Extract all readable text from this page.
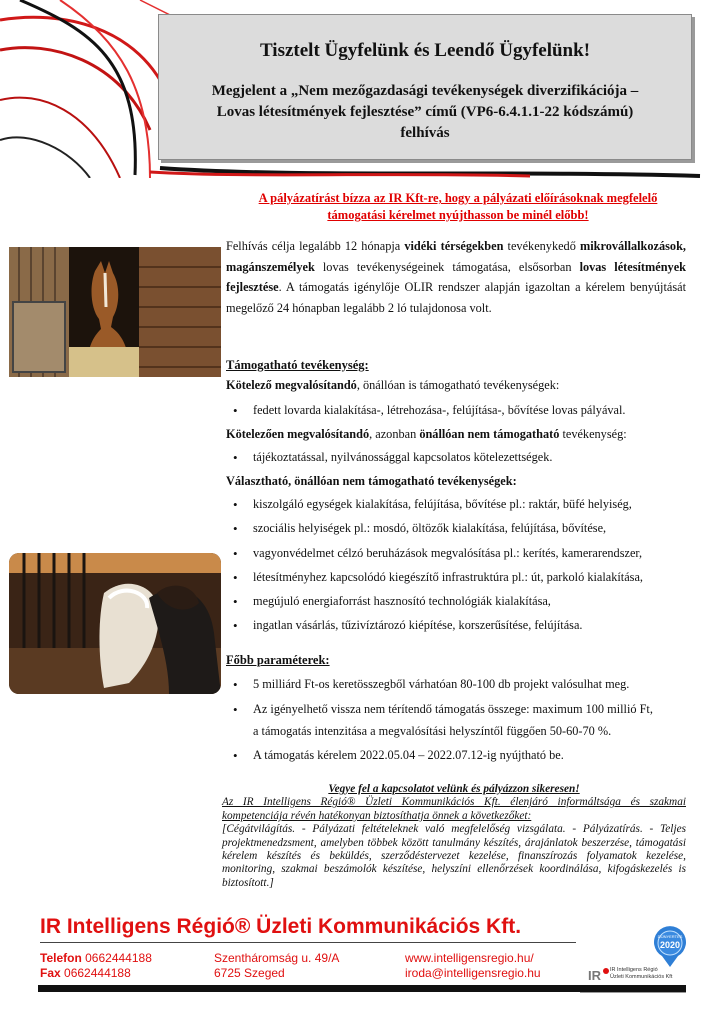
Tisztelt Ügyfelünk és Leendő Ügyfelünk!
Megjelent a „Nem mezőgazdasági tevékenységek diverzifikációja –
Lovas létesítmények fejlesztése” című (VP6-6.4.1.1-22 kódszámú)
felhívás
A pályázatírást bízza az IR Kft-re, hogy a pályázati előírásoknak megfelelő
támogatási kérelmet nyújthasson be minél előbb!
Felhívás célja legalább 12 hónapja vidéki térségekben tevékenykedő mikrovállalkozások, magánszemélyek lovas tevékenységeinek támogatása, elsősorban lovas létesítmények fejlesztése. A támogatás igénylője OLIR rendszer alapján igazoltan a kérelem benyújtását megelőző 24 hónapban legalább 2 ló tulajdonosa volt.
Támogatható tevékenység:
Kötelező megvalósítandó, önállóan is támogatható tevékenységek:
• fedett lovarda kialakítása-, létrehozása-, felújítása-, bővítése lovas pályával.
Kötelezően megvalósítandó, azonban önállóan nem támogatható tevékenység:
• tájékoztatással, nyilvánossággal kapcsolatos kötelezettségek.
Választható, önállóan nem támogatható tevékenységek:
• kiszolgáló egységek kialakítása, felújítása, bővítése pl.: raktár, büfé helyiség,
• szociális helyiségek pl.: mosdó, öltözők kialakítása, felújítása, bővítése,
• vagyonvédelmet célzó beruházások megvalósítása pl.: kerítés, kamerarendszer,
• létesítményhez kapcsolódó kiegészítő infrastruktúra pl.: út, parkoló kialakítása,
• megújuló energiaforrást hasznosító technológiák kialakítása,
• ingatlan vásárlás, tűzivíztározó kiépítése, korszerűsítése, felújítása.
Főbb paraméterek:
• 5 milliárd Ft-os keretösszegből várhatóan 80-100 db projekt valósulhat meg.
• Az igényelhető vissza nem térítendő támogatás összege: maximum 100 millió Ft,
a támogatás intenzitása a megvalósítási helyszíntől függően 50-60-70 %.
• A támogatás kérelem 2022.05.04 – 2022.07.12-ig nyújtható be.
Vegye fel a kapcsolatot velünk és pályázzon sikeresen!
Az IR Intelligens Régió® Üzleti Kommunikációs Kft. élenjáró informáltsága és szakmai kompetenciája révén hatékonyan biztosíthatja önnek a következőket:
[Cégátvilágítás. - Pályázati feltételeknek való megfelelőség vizsgálata. - Pályázatírás. - Teljes projektmenedzsment, amelyben többek között tanulmány készítés, árajánlatok beszerzése, támogatási kérelem készítés és beküldés, szerződéstervezet kezelése, finanszírozás folyamatok kezelése, monitoring, szakmai beszámolók készítése, helyszíni ellenőrzések koordinálása, kifogáskezelés is biztosított.]
IR Intelligens Régió® Üzleti Kommunikációs Kft.
Telefon 0662444188
Fax 0662444188
Szentháromság u. 49/A
6725 Szeged
www.intelligensregio.hu/
iroda@intelligensregio.hu
DÍJNYERTES
2020
IR IR Intelligens Régió
Üzleti Kommunikációs Kft
